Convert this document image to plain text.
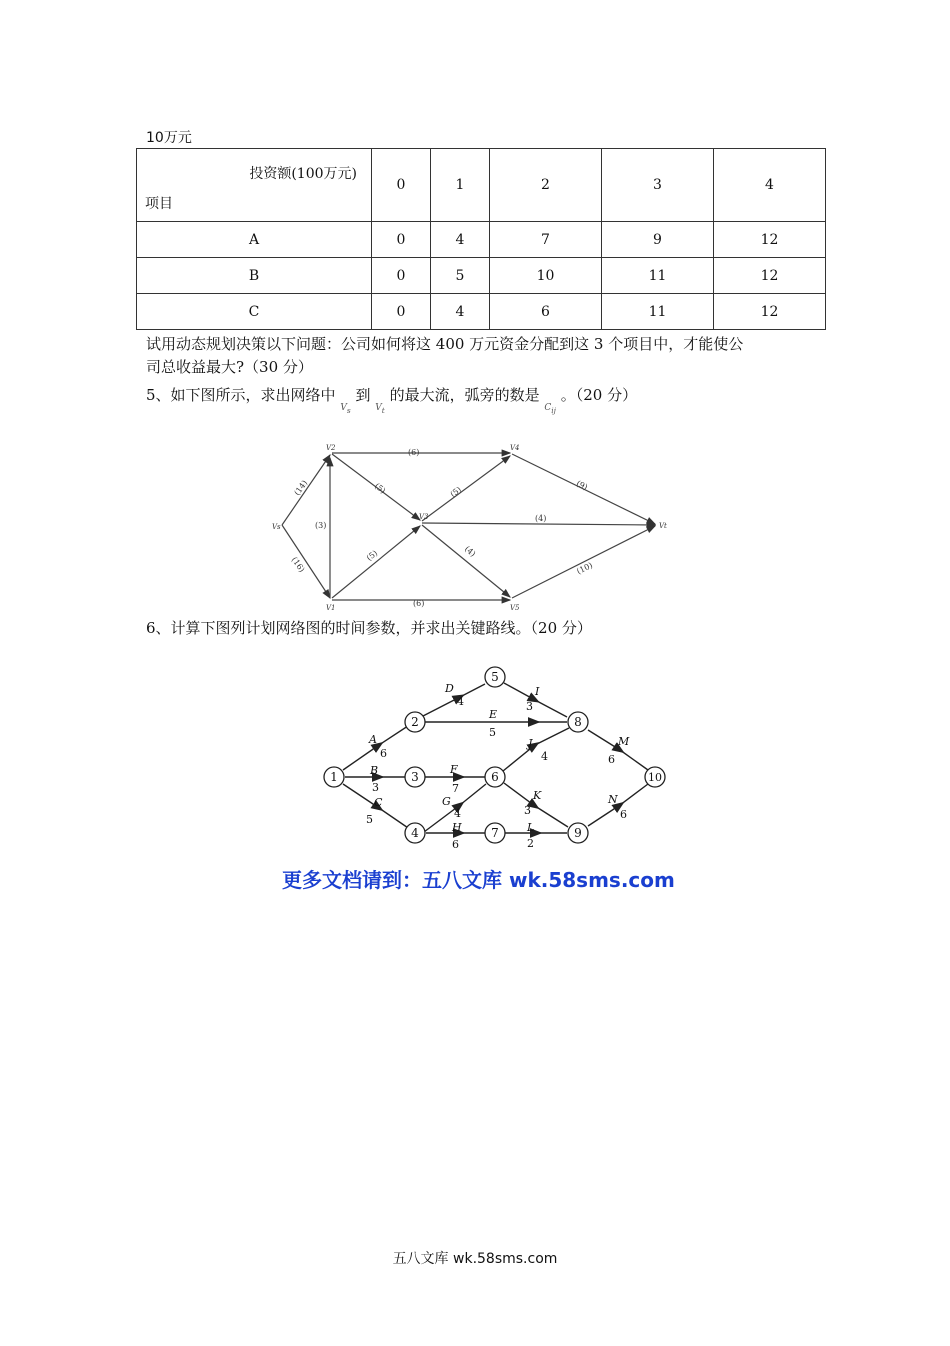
10万元
投资额(100万元)
项目	0	1	2	3	4
A	0	4	7	9	12
B	0	5	10	11	12
C	0	4	6	11	12
试用动态规划决策以下问题：公司如何将这 400 万元资金分配到这 3 个项目中，才能使公
司总收益最大?（30 分）
5、如下图所示，求出网络中 $_{V_s}$ 到 $_{V_t}$ 的最大流，弧旁的数是 $_{C_{ij}}$ 。（20 分）
Vs
V2
V1
V3
V4
V5
Vt
(14)
(16)
(3)
(6)
(6)
(5)
(5)
(5)
(4)
(4)
(9)
(10)
6、计算下图列计划网络图的时间参数，并求出关键路线。（20 分）
1
2
3
4
5
6
7
8
9
10
A
B
C
D
E
F
G
H
I
J
K
L
M
N
6
3
5
4
5
7
4
6
3
4
3
2
6
6
更多文档请到：五八文库 wk.58sms.com
五八文库 wk.58sms.com
